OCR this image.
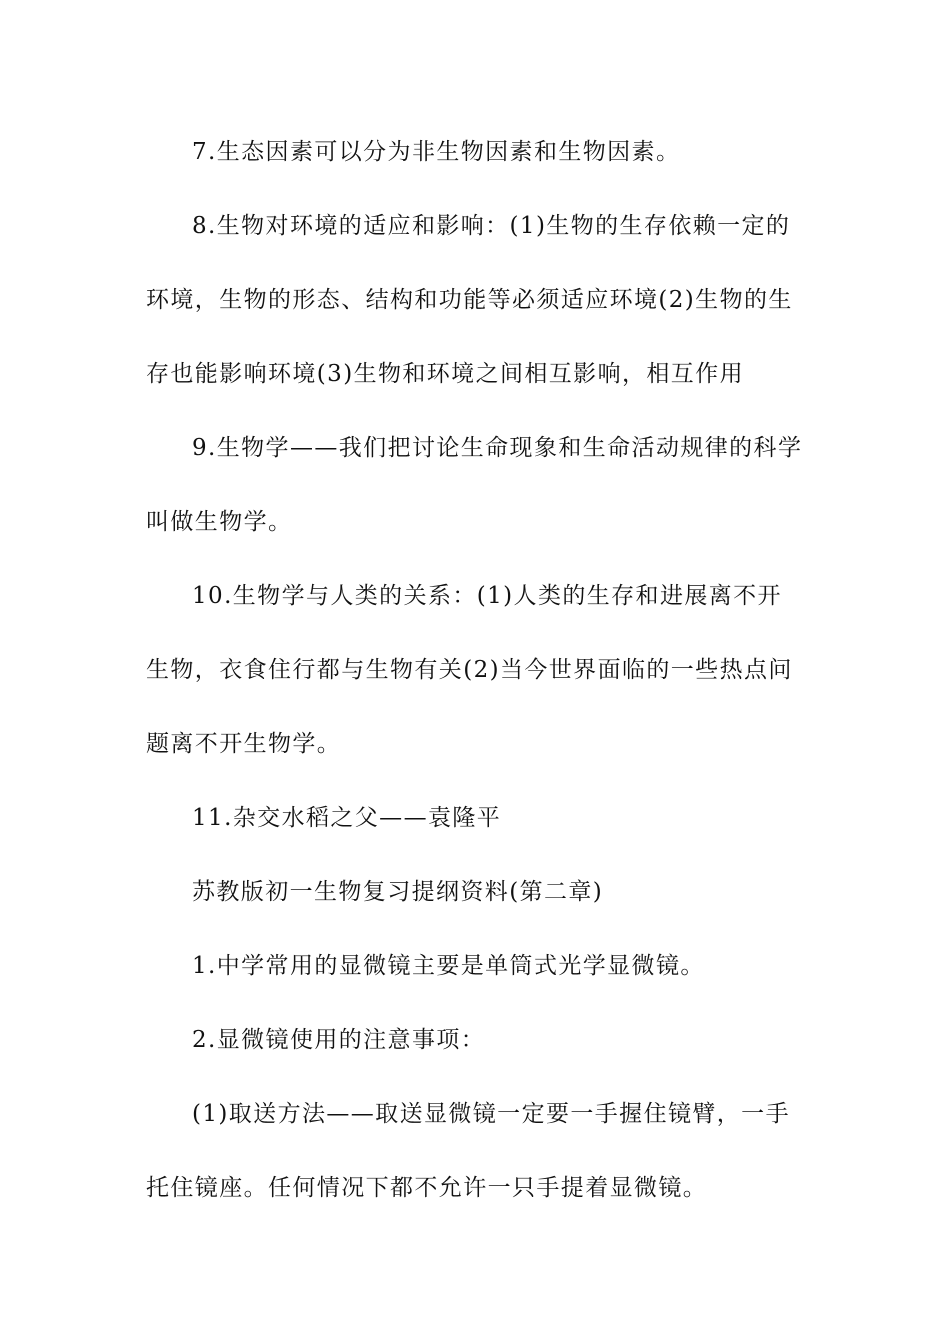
7.生态因素可以分为非生物因素和生物因素。

8.生物对环境的适应和影响：(1)生物的生存依赖一定的环境，生物的形态、结构和功能等必须适应环境(2)生物的生存也能影响环境(3)生物和环境之间相互影响，相互作用

9.生物学——我们把讨论生命现象和生命活动规律的科学叫做生物学。

10.生物学与人类的关系：(1)人类的生存和进展离不开生物，衣食住行都与生物有关(2)当今世界面临的一些热点问题离不开生物学。

11.杂交水稻之父——袁隆平

苏教版初一生物复习提纲资料(第二章)

1.中学常用的显微镜主要是单筒式光学显微镜。

2.显微镜使用的注意事项：

(1)取送方法——取送显微镜一定要一手握住镜臂，一手托住镜座。任何情况下都不允许一只手提着显微镜。
